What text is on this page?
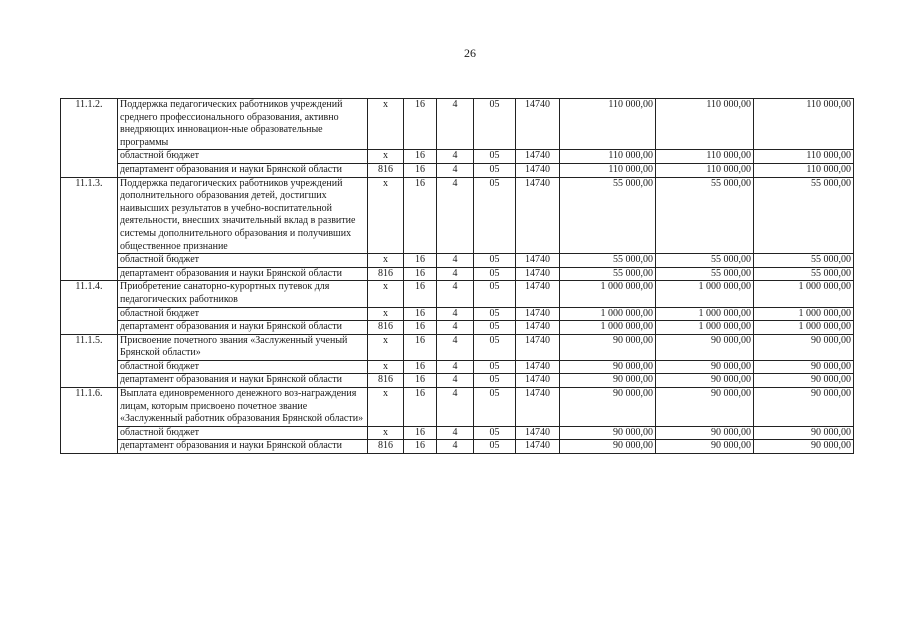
26
11.1.2.	Поддержка педагогических работников учреждений среднего профессионального образования, активно внедряющих инновацион-ные образовательные программы	x	16	4	05	14740	110 000,00	110 000,00	110 000,00
	областной бюджет	x	16	4	05	14740	110 000,00	110 000,00	110 000,00
	департамент образования и науки Брянской области	816	16	4	05	14740	110 000,00	110 000,00	110 000,00
11.1.3.	Поддержка педагогических работников учреждений дополнительного образования детей, достигших наивысших результатов в учебно-воспитательной деятельности, внесших значительный вклад в развитие системы дополнительного образования и получивших общественное признание	x	16	4	05	14740	55 000,00	55 000,00	55 000,00
	областной бюджет	x	16	4	05	14740	55 000,00	55 000,00	55 000,00
	департамент образования и науки Брянской области	816	16	4	05	14740	55 000,00	55 000,00	55 000,00
11.1.4.	Приобретение санаторно-курортных путевок для педагогических работников	x	16	4	05	14740	1 000 000,00	1 000 000,00	1 000 000,00
	областной бюджет	x	16	4	05	14740	1 000 000,00	1 000 000,00	1 000 000,00
	департамент образования и науки Брянской области	816	16	4	05	14740	1 000 000,00	1 000 000,00	1 000 000,00
11.1.5.	Присвоение почетного звания «Заслуженный ученый Брянской области»	x	16	4	05	14740	90 000,00	90 000,00	90 000,00
	областной бюджет	x	16	4	05	14740	90 000,00	90 000,00	90 000,00
	департамент образования и науки Брянской области	816	16	4	05	14740	90 000,00	90 000,00	90 000,00
11.1.6.	Выплата единовременного денежного воз-награждения лицам, которым присвоено почетное звание «Заслуженный работник образования Брянской области»	x	16	4	05	14740	90 000,00	90 000,00	90 000,00
	областной бюджет	x	16	4	05	14740	90 000,00	90 000,00	90 000,00
	департамент образования и науки Брянской области	816	16	4	05	14740	90 000,00	90 000,00	90 000,00
